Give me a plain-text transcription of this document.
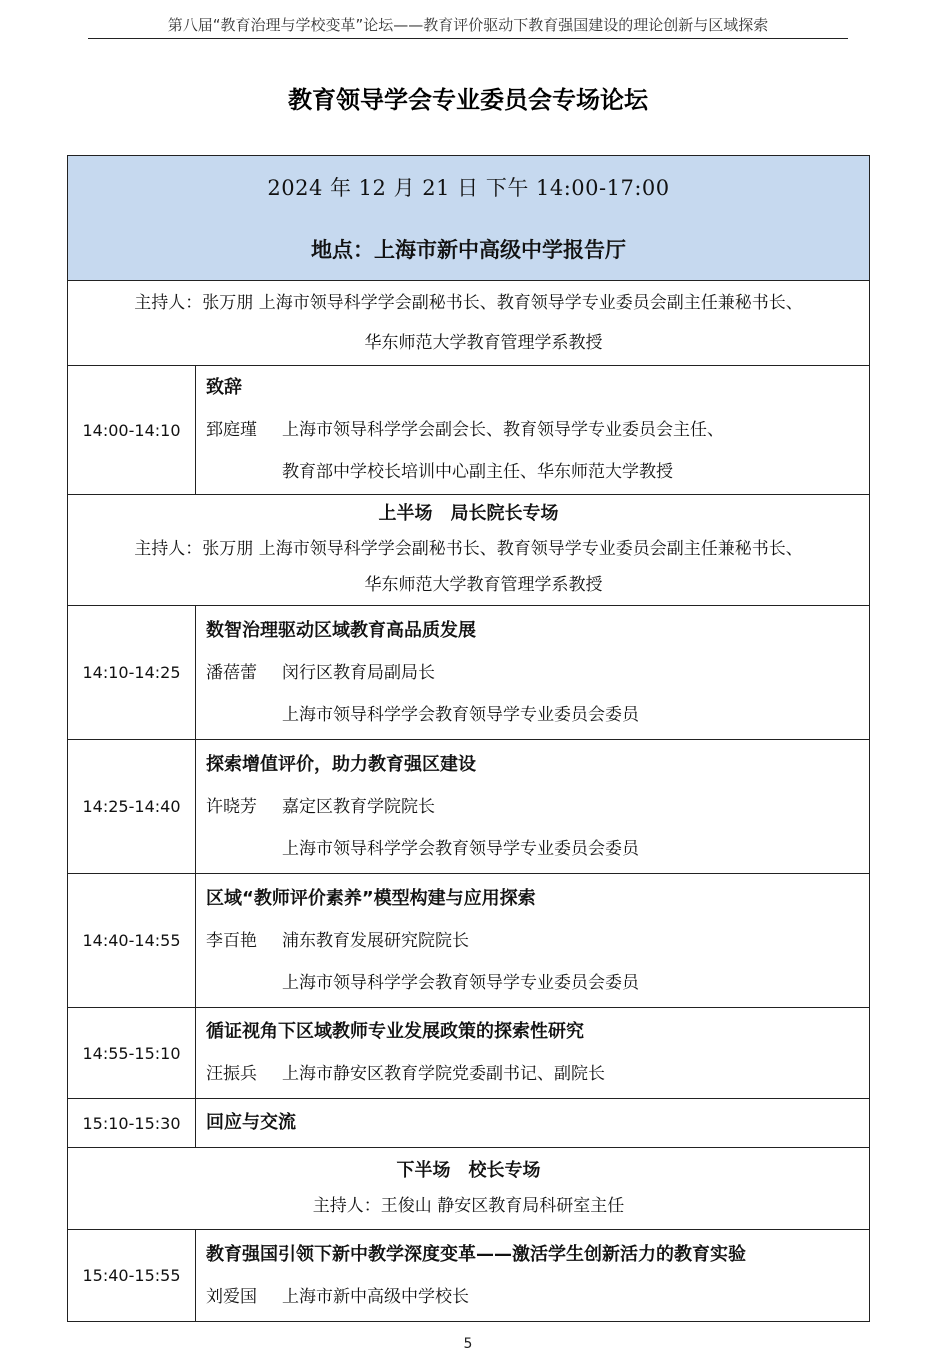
第八届“教育治理与学校变革”论坛——教育评价驱动下教育强国建设的理论创新与区域探索
教育领导学会专业委员会专场论坛
2024 年 12 月 21 日 下午 14:00-17:00
地点：上海市新中高级中学报告厅	

主持人：张万朋 上海市领导科学学会副秘书长、教育领导学专业委员会副主任兼秘书长、
华东师范大学教育管理学系教授	

14:00-14:10	致辞
郅庭瑾 上海市领导科学学会副会长、教育领导学专业委员会主任、
教育部中学校长培训中心副主任、华东师范大学教授

上半场　局长院长专场
主持人：张万朋 上海市领导科学学会副秘书长、教育领导学专业委员会副主任兼秘书长、
华东师范大学教育管理学系教授	

14:10-14:25	数智治理驱动区域教育高品质发展
潘蓓蕾 闵行区教育局副局长
上海市领导科学学会教育领导学专业委员会委员

14:25-14:40	探索增值评价，助力教育强区建设
许晓芳 嘉定区教育学院院长
上海市领导科学学会教育领导学专业委员会委员

14:40-14:55	区域“教师评价素养”模型构建与应用探索
李百艳 浦东教育发展研究院院长
上海市领导科学学会教育领导学专业委员会委员

14:55-15:10	循证视角下区域教师专业发展政策的探索性研究
汪振兵 上海市静安区教育学院党委副书记、副院长

15:10-15:30	回应与交流

下半场　校长专场
主持人：王俊山 静安区教育局科研室主任	

15:40-15:55	教育强国引领下新中教学深度变革——激活学生创新活力的教育实验
刘爱国 上海市新中高级中学校长
5
